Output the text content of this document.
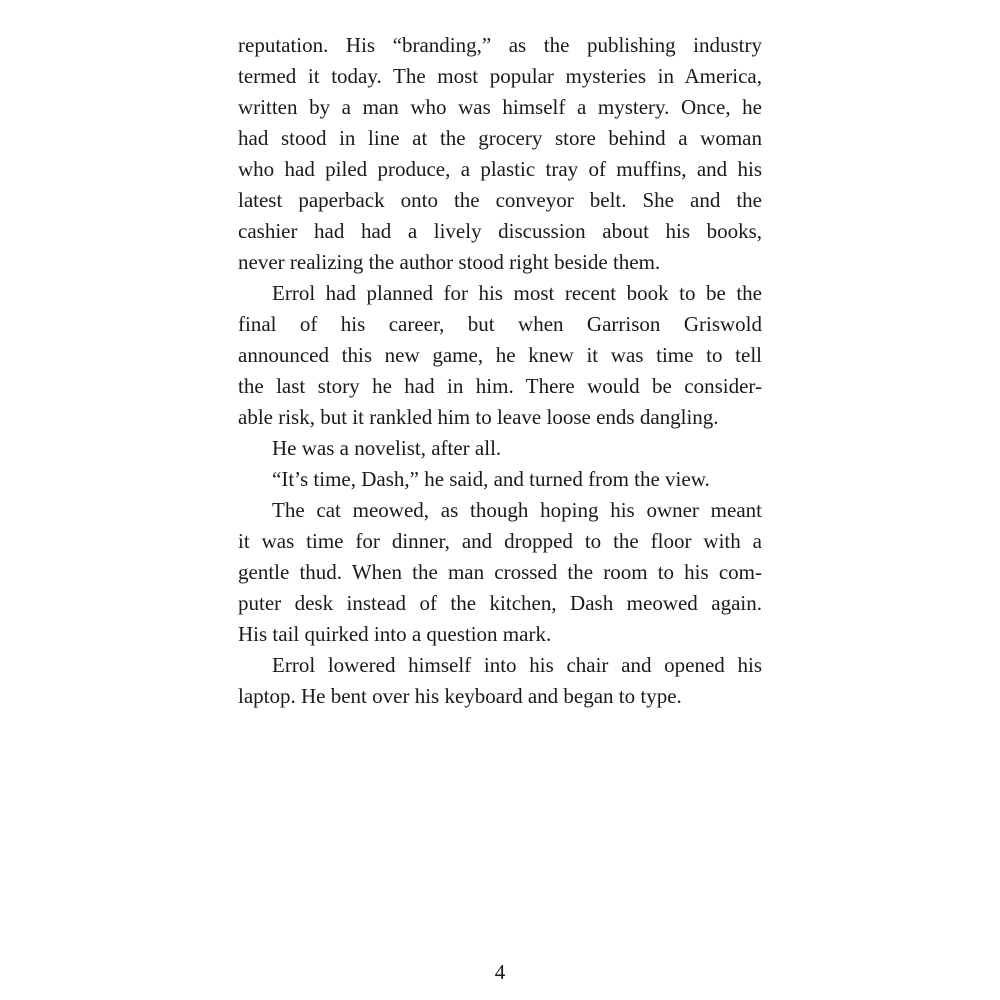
reputation. His “branding,” as the publishing industry
termed it today. The most popular mysteries in America,
written by a man who was himself a mystery. Once, he
had stood in line at the grocery store behind a woman
who had piled produce, a plastic tray of muffins, and his
latest paperback onto the conveyor belt. She and the
cashier had had a lively discussion about his books,
never realizing the author stood right beside them.

Errol had planned for his most recent book to be the
final of his career, but when Garrison Griswold
announced this new game, he knew it was time to tell
the last story he had in him. There would be consider-
able risk, but it rankled him to leave loose ends dangling.

He was a novelist, after all.

“It’s time, Dash,” he said, and turned from the view.

The cat meowed, as though hoping his owner meant
it was time for dinner, and dropped to the floor with a
gentle thud. When the man crossed the room to his com-
puter desk instead of the kitchen, Dash meowed again.
His tail quirked into a question mark.

Errol lowered himself into his chair and opened his
laptop. He bent over his keyboard and began to type.

4
